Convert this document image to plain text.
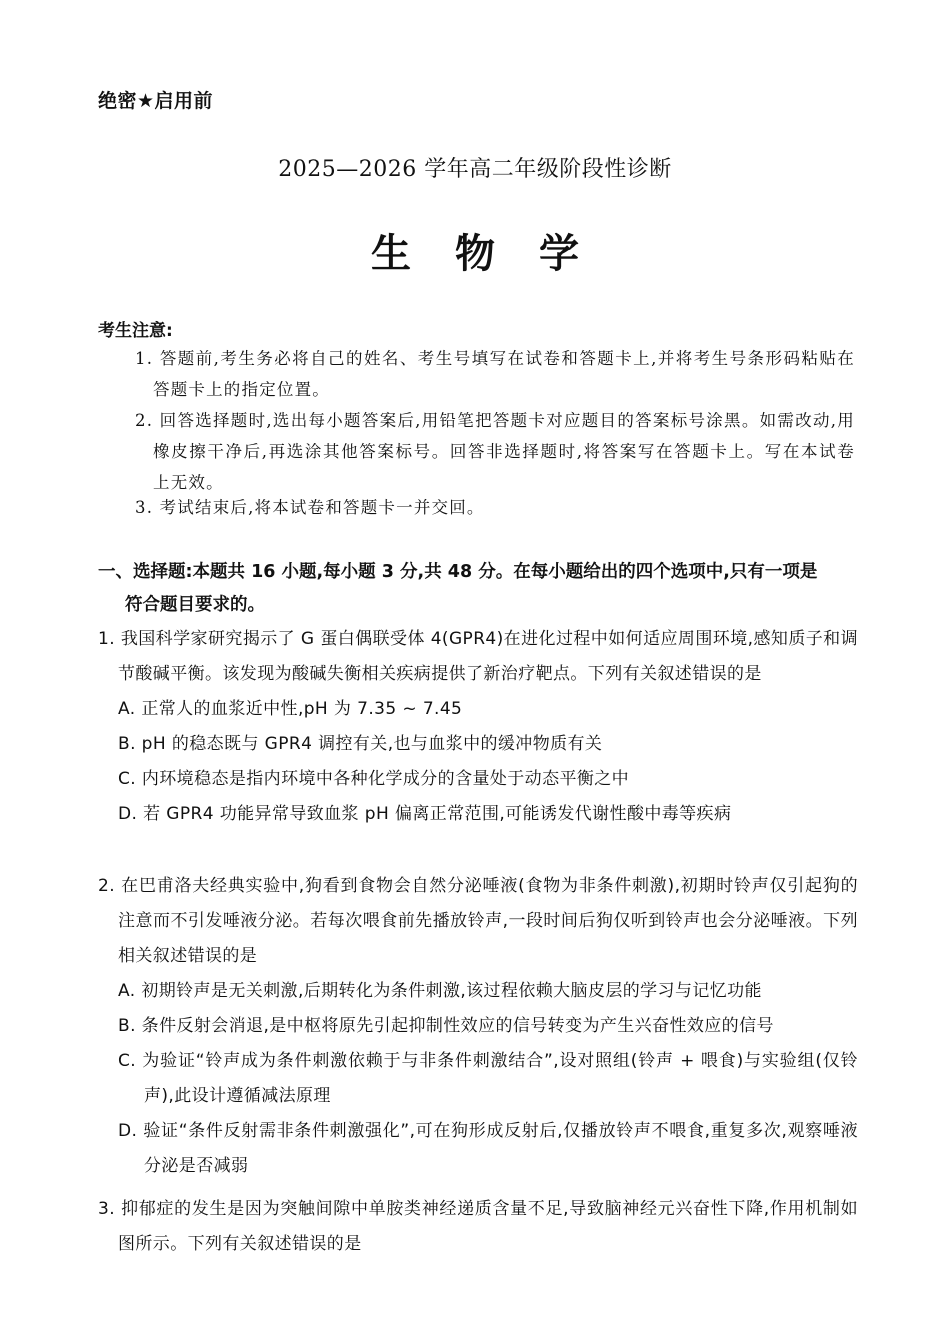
绝密★启用前
2025—2026 学年高二年级阶段性诊断
生物学
考生注意:
1. 答题前,考生务必将自己的姓名、考生号填写在试卷和答题卡上,并将考生号条形码粘贴在答题卡上的指定位置。
2. 回答选择题时,选出每小题答案后,用铅笔把答题卡对应题目的答案标号涂黑。如需改动,用橡皮擦干净后,再选涂其他答案标号。回答非选择题时,将答案写在答题卡上。写在本试卷上无效。
3. 考试结束后,将本试卷和答题卡一并交回。
一、选择题:本题共 16 小题,每小题 3 分,共 48 分。在每小题给出的四个选项中,只有一项是
符合题目要求的。
1. 我国科学家研究揭示了 G 蛋白偶联受体 4(GPR4)在进化过程中如何适应周围环境,感知质子和调节酸碱平衡。该发现为酸碱失衡相关疾病提供了新治疗靶点。下列有关叙述错误的是
A. 正常人的血浆近中性,pH 为 7.35 ~ 7.45
B. pH 的稳态既与 GPR4 调控有关,也与血浆中的缓冲物质有关
C. 内环境稳态是指内环境中各种化学成分的含量处于动态平衡之中
D. 若 GPR4 功能异常导致血浆 pH 偏离正常范围,可能诱发代谢性酸中毒等疾病
2. 在巴甫洛夫经典实验中,狗看到食物会自然分泌唾液(食物为非条件刺激),初期时铃声仅引起狗的注意而不引发唾液分泌。若每次喂食前先播放铃声,一段时间后狗仅听到铃声也会分泌唾液。下列相关叙述错误的是
A. 初期铃声是无关刺激,后期转化为条件刺激,该过程依赖大脑皮层的学习与记忆功能
B. 条件反射会消退,是中枢将原先引起抑制性效应的信号转变为产生兴奋性效应的信号
C. 为验证“铃声成为条件刺激依赖于与非条件刺激结合”,设对照组(铃声 + 喂食)与实验组(仅铃声),此设计遵循减法原理
D. 验证“条件反射需非条件刺激强化”,可在狗形成反射后,仅播放铃声不喂食,重复多次,观察唾液分泌是否减弱
3. 抑郁症的发生是因为突触间隙中单胺类神经递质含量不足,导致脑神经元兴奋性下降,作用机制如图所示。下列有关叙述错误的是
